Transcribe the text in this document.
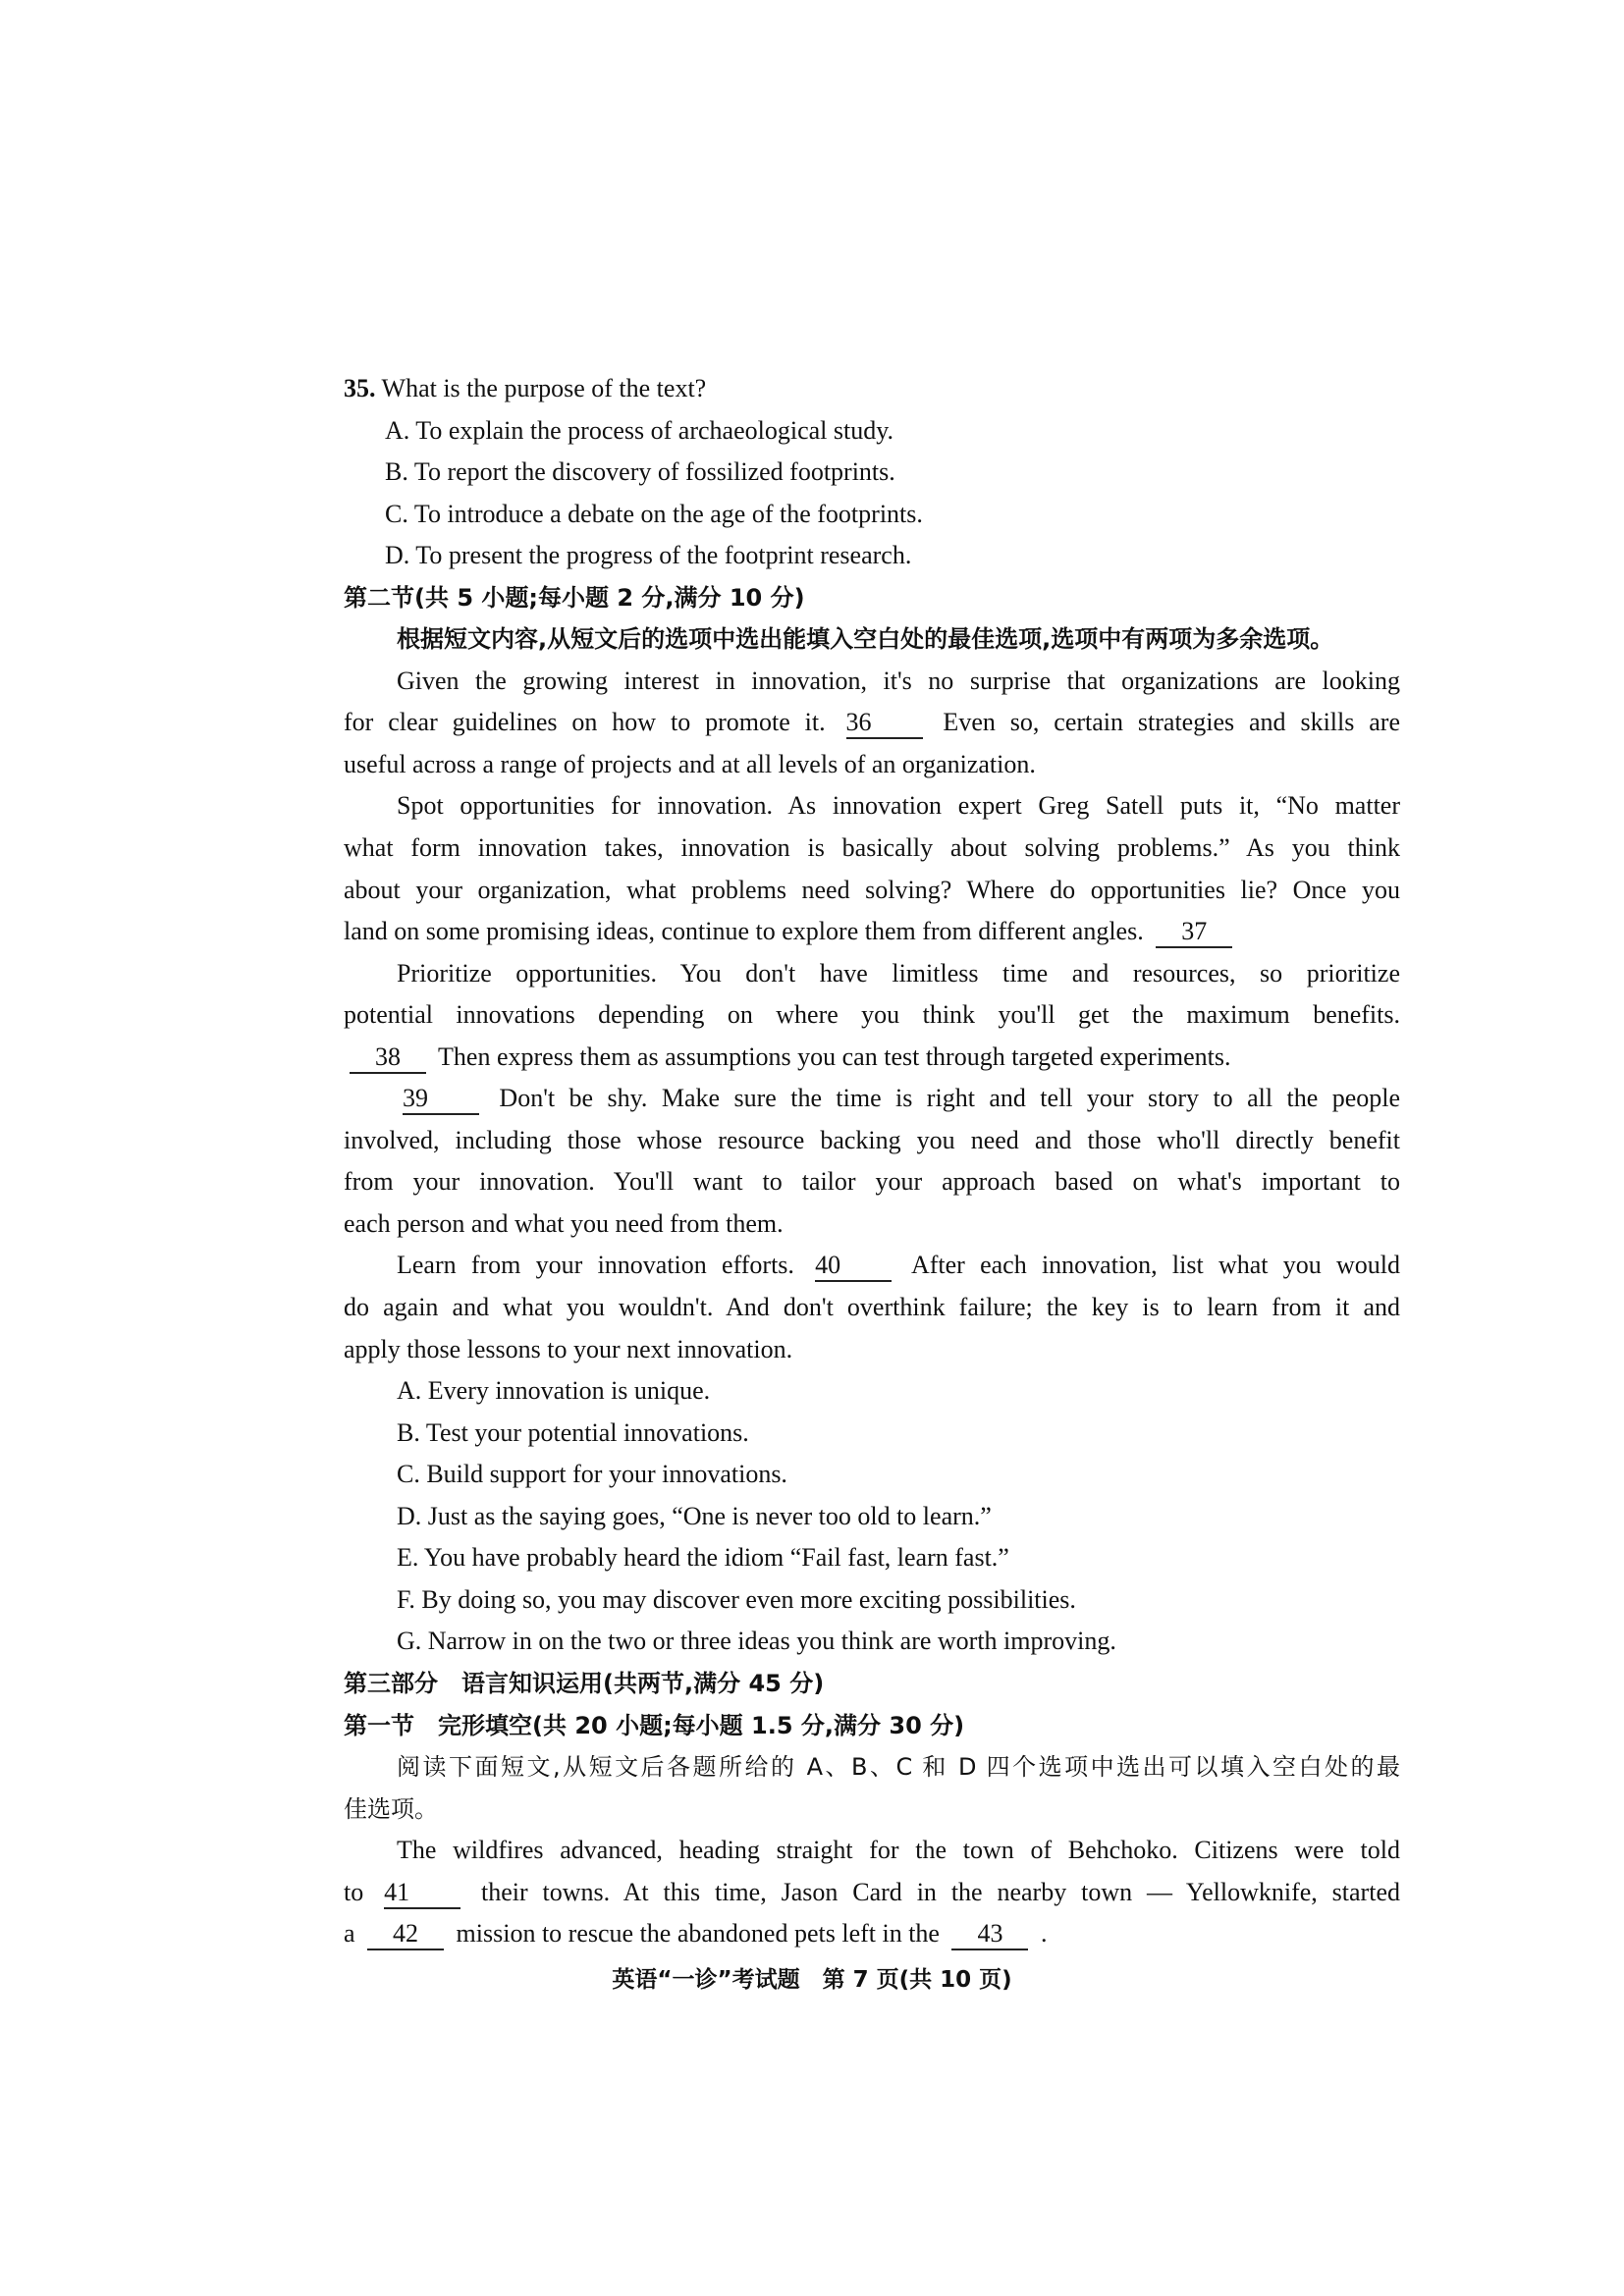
35. What is the purpose of the text?
A. To explain the process of archaeological study.
B. To report the discovery of fossilized footprints.
C. To introduce a debate on the age of the footprints.
D. To present the progress of the footprint research.
第二节(共 5 小题;每小题 2 分,满分 10 分)
根据短文内容,从短文后的选项中选出能填入空白处的最佳选项,选项中有两项为多余选项。
Given the growing interest in innovation, it's no surprise that organizations are looking
for clear guidelines on how to promote it. 36 Even so, certain strategies and skills are
useful across a range of projects and at all levels of an organization.
Spot opportunities for innovation. As innovation expert Greg Satell puts it, “No matter
what form innovation takes, innovation is basically about solving problems.” As you think
about your organization, what problems need solving? Where do opportunities lie? Once you
land on some promising ideas, continue to explore them from different angles. 37
Prioritize opportunities. You don't have limitless time and resources, so prioritize
potential innovations depending on where you think you'll get the maximum benefits.
38 Then express them as assumptions you can test through targeted experiments.
39 Don't be shy. Make sure the time is right and tell your story to all the people
involved, including those whose resource backing you need and those who'll directly benefit
from your innovation. You'll want to tailor your approach based on what's important to
each person and what you need from them.
Learn from your innovation efforts. 40 After each innovation, list what you would
do again and what you wouldn't. And don't overthink failure; the key is to learn from it and
apply those lessons to your next innovation.
A. Every innovation is unique.
B. Test your potential innovations.
C. Build support for your innovations.
D. Just as the saying goes, “One is never too old to learn.”
E. You have probably heard the idiom “Fail fast, learn fast.”
F. By doing so, you may discover even more exciting possibilities.
G. Narrow in on the two or three ideas you think are worth improving.
第三部分　语言知识运用(共两节,满分 45 分)
第一节　完形填空(共 20 小题;每小题 1.5 分,满分 30 分)
阅读下面短文,从短文后各题所给的 A、B、C 和 D 四个选项中选出可以填入空白处的最
佳选项。
The wildfires advanced, heading straight for the town of Behchoko. Citizens were told
to 41 their towns. At this time, Jason Card in the nearby town — Yellowknife, started
a 42 mission to rescue the abandoned pets left in the 43 .
英语“一诊”考试题　第 7 页(共 10 页)
